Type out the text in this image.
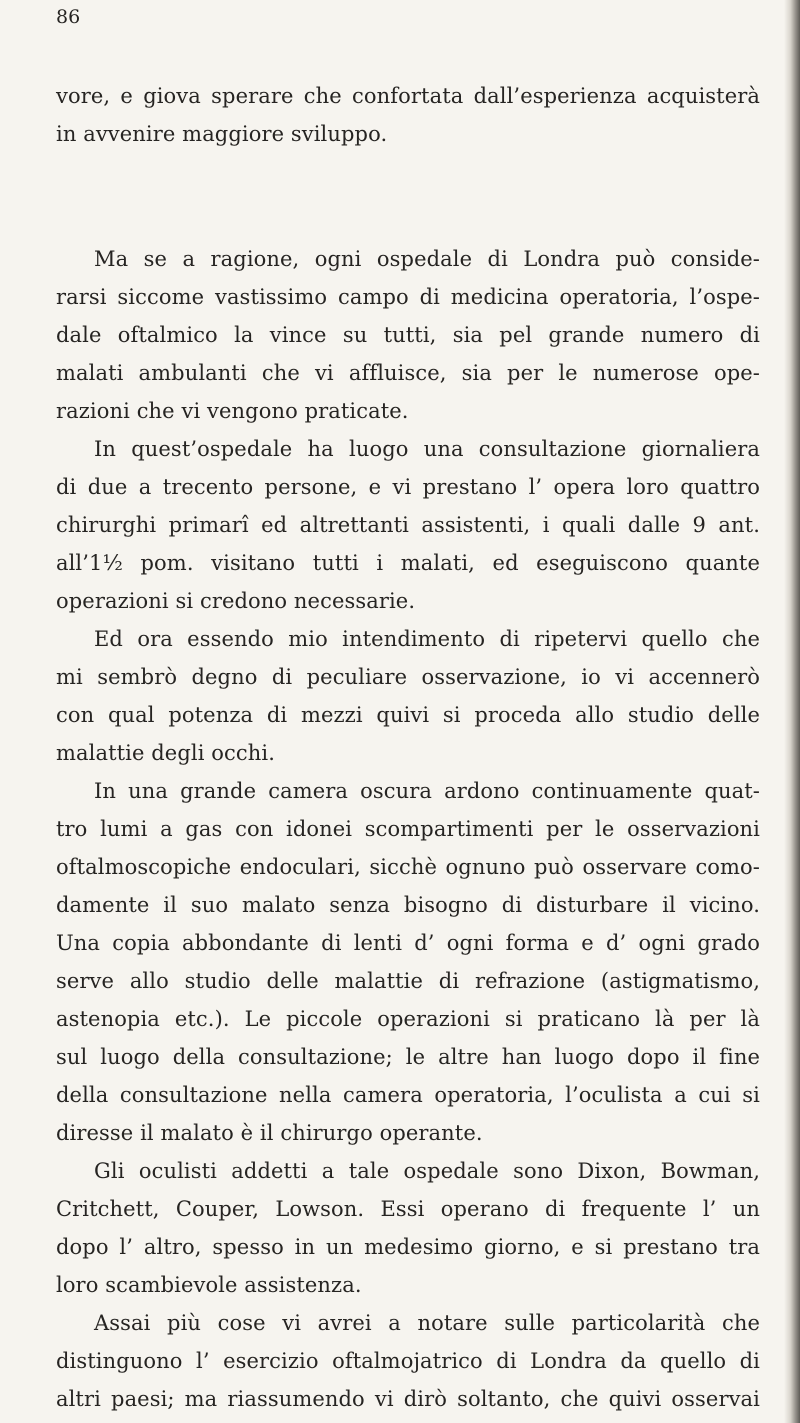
86
vore, e giova sperare che confortata dall’esperienza acquisterà
in avvenire maggiore sviluppo.
Ma se a ragione, ogni ospedale di Londra può conside-
rarsi siccome vastissimo campo di medicina operatoria, l’ospe-
dale oftalmico la vince su tutti, sia pel grande numero di
malati ambulanti che vi affluisce, sia per le numerose ope-
razioni che vi vengono praticate.
In quest’ospedale ha luogo una consultazione giornaliera
di due a trecento persone, e vi prestano l’ opera loro quattro
chirurghi primarî ed altrettanti assistenti, i quali dalle 9 ant.
all’1½ pom. visitano tutti i malati, ed eseguiscono quante
operazioni si credono necessarie.
Ed ora essendo mio intendimento di ripetervi quello che
mi sembrò degno di peculiare osservazione, io vi accennerò
con qual potenza di mezzi quivi si proceda allo studio delle
malattie degli occhi.
In una grande camera oscura ardono continuamente quat-
tro lumi a gas con idonei scompartimenti per le osservazioni
oftalmoscopiche endoculari, sicchè ognuno può osservare como-
damente il suo malato senza bisogno di disturbare il vicino.
Una copia abbondante di lenti d’ ogni forma e d’ ogni grado
serve allo studio delle malattie di refrazione (astigmatismo,
astenopia etc.). Le piccole operazioni si praticano là per là
sul luogo della consultazione; le altre han luogo dopo il fine
della consultazione nella camera operatoria, l’oculista a cui si
diresse il malato è il chirurgo operante.
Gli oculisti addetti a tale ospedale sono Dixon, Bowman,
Critchett, Couper, Lowson. Essi operano di frequente l’ un
dopo l’ altro, spesso in un medesimo giorno, e si prestano tra
loro scambievole assistenza.
Assai più cose vi avrei a notare sulle particolarità che
distinguono l’ esercizio oftalmojatrico di Londra da quello di
altri paesi; ma riassumendo vi dirò soltanto, che quivi osservai
